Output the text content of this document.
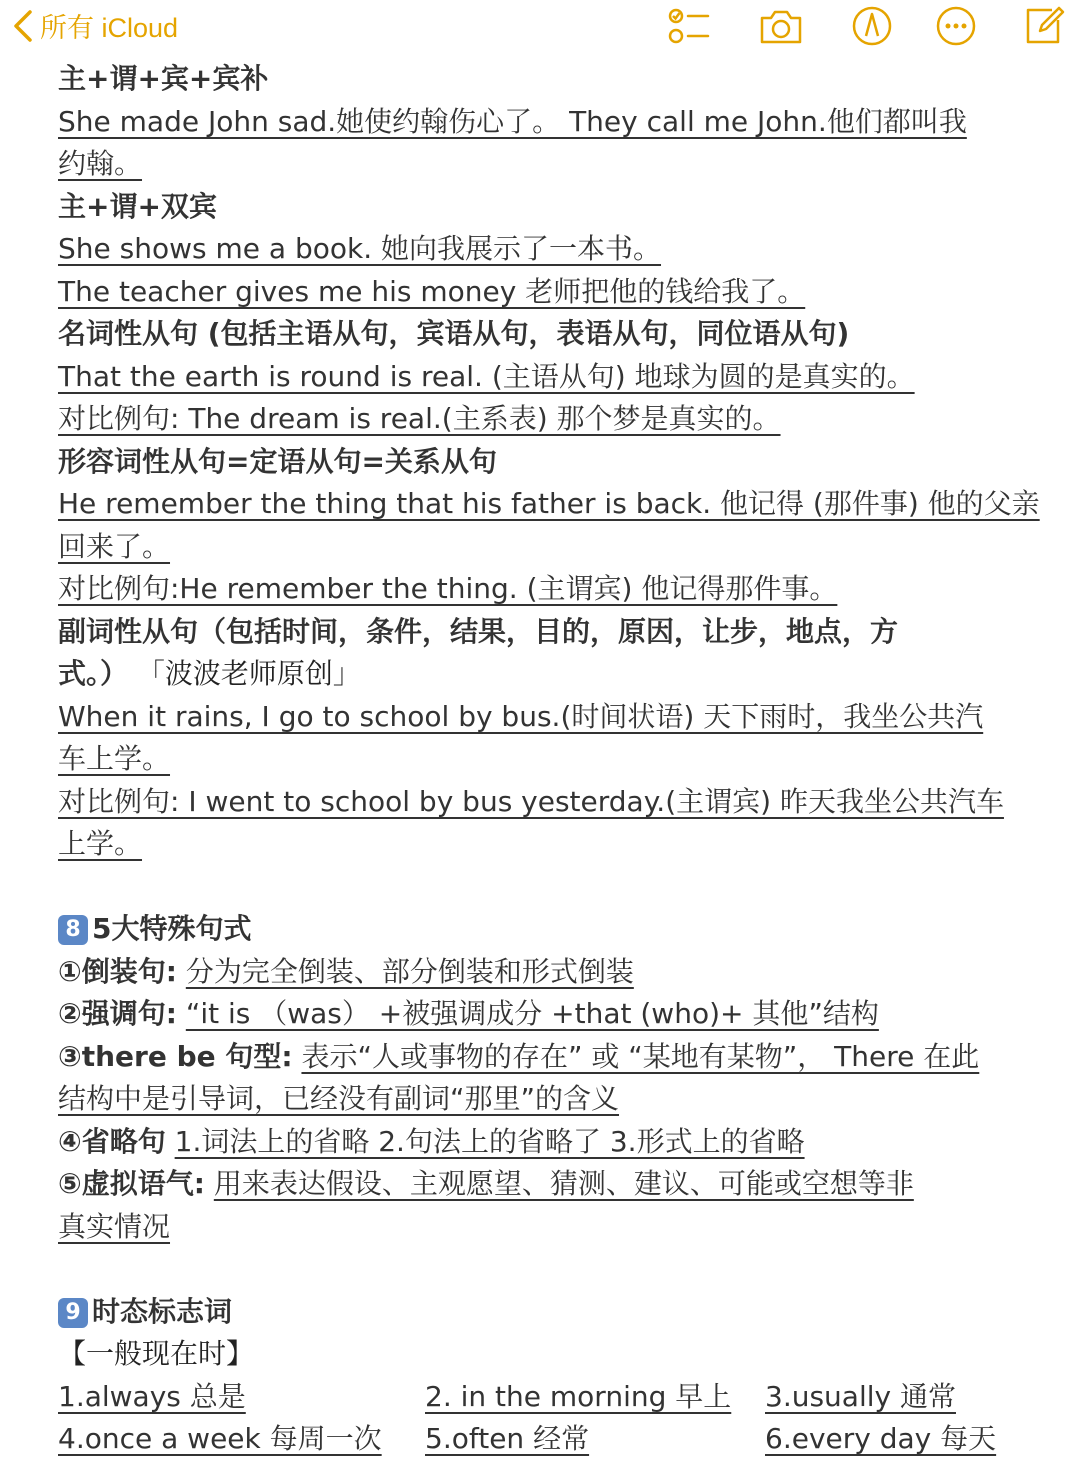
所有 iCloud
主+谓+宾+宾补
She made John sad.她使约翰伤心了。 They call me John.他们都叫我
约翰。
主+谓+双宾
She shows me a book. 她向我展示了一本书。
The teacher gives me his money 老师把他的钱给我了。
名词性从句 (包括主语从句，宾语从句，表语从句，同位语从句)
That the earth is round is real. (主语从句) 地球为圆的是真实的。
对比例句: The dream is real.(主系表) 那个梦是真实的。
形容词性从句=定语从句=关系从句
He remember the thing that his father is back. 他记得 (那件事) 他的父亲
回来了。
对比例句:He remember the thing. (主谓宾) 他记得那件事。
副词性从句（包括时间，条件，结果，目的，原因，让步，地点，方
式。） 「波波老师原创」
When it rains, I go to school by bus.(时间状语) 天下雨时，我坐公共汽
车上学。
对比例句: I went to school by bus yesterday.(主谓宾) 昨天我坐公共汽车
上学。
8 5大特殊句式
①倒装句: 分为完全倒装、部分倒装和形式倒装
②强调句: “it is （was） +被强调成分 +that (who)+ 其他”结构
③there be 句型: 表示“人或事物的存在” 或 “某地有某物”， There 在此
结构中是引导词，已经没有副词“那里”的含义
④省略句 1.词法上的省略 2.句法上的省略了 3.形式上的省略
⑤虚拟语气: 用来表达假设、主观愿望、猜测、建议、可能或空想等非
真实情况
9 时态标志词
【一般现在时】
1.always 总是	2. in the morning 早上	3.usually 通常
4.once a week 每周一次	5.often 经常	6.every day 每天
